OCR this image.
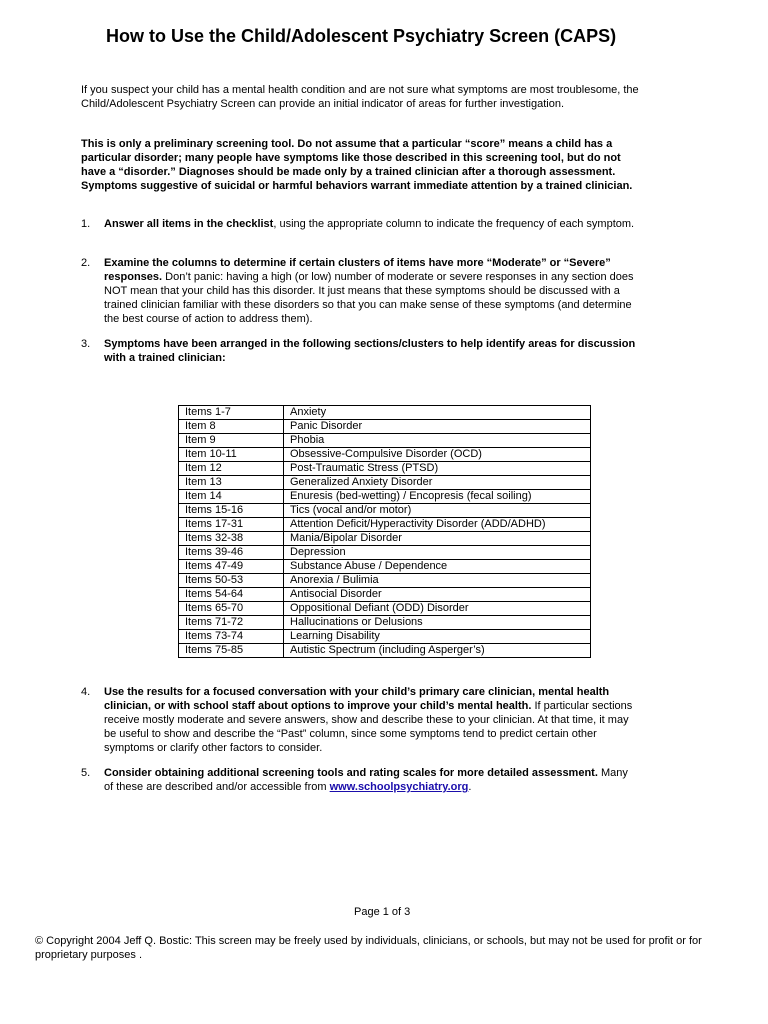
How to Use the Child/Adolescent Psychiatry Screen (CAPS)

If you suspect your child has a mental health condition and are not sure what symptoms are most troublesome, the Child/Adolescent Psychiatry Screen can provide an initial indicator of areas for further investigation.

This is only a preliminary screening tool. Do not assume that a particular “score” means a child has a particular disorder; many people have symptoms like those described in this screening tool, but do not have a “disorder.” Diagnoses should be made only by a trained clinician after a thorough assessment. Symptoms suggestive of suicidal or harmful behaviors warrant immediate attention by a trained clinician.

1. Answer all items in the checklist, using the appropriate column to indicate the frequency of each symptom.
2. Examine the columns to determine if certain clusters of items have more “Moderate” or “Severe” responses. Don’t panic: having a high (or low) number of moderate or severe responses in any section does NOT mean that your child has this disorder. It just means that these symptoms should be discussed with a trained clinician familiar with these disorders so that you can make sense of these symptoms (and determine the best course of action to address them).
3. Symptoms have been arranged in the following sections/clusters to help identify areas for discussion with a trained clinician:
Items 1-7	Anxiety
Item 8	Panic Disorder
Item 9	Phobia
Item 10-11	Obsessive-Compulsive Disorder (OCD)
Item 12	Post-Traumatic Stress (PTSD)
Item 13	Generalized Anxiety Disorder
Item 14	Enuresis (bed-wetting) / Encopresis (fecal soiling)
Items 15-16	Tics (vocal and/or motor)
Items 17-31	Attention Deficit/Hyperactivity Disorder (ADD/ADHD)
Items 32-38	Mania/Bipolar Disorder
Items 39-46	Depression
Items 47-49	Substance Abuse / Dependence
Items 50-53	Anorexia / Bulimia
Items 54-64	Antisocial Disorder
Items 65-70	Oppositional Defiant (ODD) Disorder
Items 71-72	Hallucinations or Delusions
Items 73-74	Learning Disability
Items 75-85	Autistic Spectrum (including Asperger’s)
4. Use the results for a focused conversation with your child’s primary care clinician, mental health clinician, or with school staff about options to improve your child’s mental health. If particular sections receive mostly moderate and severe answers, show and describe these to your clinician. At that time, it may be useful to show and describe the “Past” column, since some symptoms tend to predict certain other symptoms or clarify other factors to consider.
5. Consider obtaining additional screening tools and rating scales for more detailed assessment. Many of these are described and/or accessible from www.schoolpsychiatry.org.
Page 1 of 3

© Copyright 2004 Jeff Q. Bostic: This screen may be freely used by individuals, clinicians, or schools, but may not be used for profit or for proprietary purposes .
